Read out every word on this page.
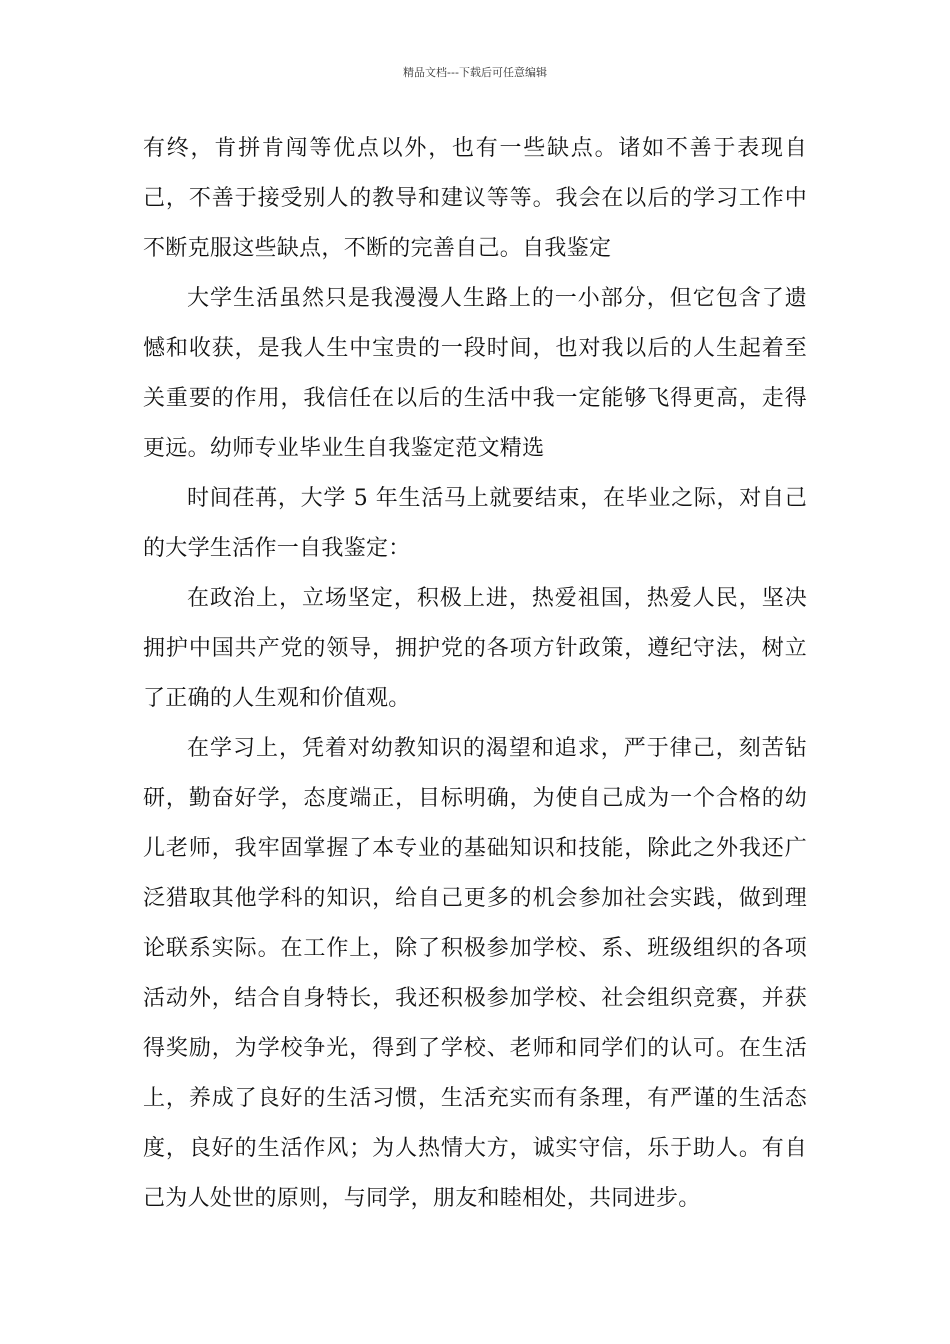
精品文档---下载后可任意编辑

有终，肯拼肯闯等优点以外，也有一些缺点。诸如不善于表现自己，不善于接受别人的教导和建议等等。我会在以后的学习工作中不断克服这些缺点，不断的完善自己。自我鉴定

大学生活虽然只是我漫漫人生路上的一小部分，但它包含了遗憾和收获，是我人生中宝贵的一段时间，也对我以后的人生起着至关重要的作用，我信任在以后的生活中我一定能够飞得更高，走得更远。幼师专业毕业生自我鉴定范文精选

时间荏苒，大学 5 年生活马上就要结束，在毕业之际，对自己的大学生活作一自我鉴定：

在政治上，立场坚定，积极上进，热爱祖国，热爱人民，坚决拥护中国共产党的领导，拥护党的各项方针政策，遵纪守法，树立了正确的人生观和价值观。

在学习上，凭着对幼教知识的渴望和追求，严于律己，刻苦钻研，勤奋好学，态度端正，目标明确，为使自己成为一个合格的幼儿老师，我牢固掌握了本专业的基础知识和技能，除此之外我还广泛猎取其他学科的知识，给自己更多的机会参加社会实践，做到理论联系实际。在工作上，除了积极参加学校、系、班级组织的各项活动外，结合自身特长，我还积极参加学校、社会组织竞赛，并获得奖励，为学校争光，得到了学校、老师和同学们的认可。在生活上，养成了良好的生活习惯，生活充实而有条理，有严谨的生活态度，良好的生活作风；为人热情大方，诚实守信，乐于助人。有自己为人处世的原则，与同学，朋友和睦相处，共同进步。
